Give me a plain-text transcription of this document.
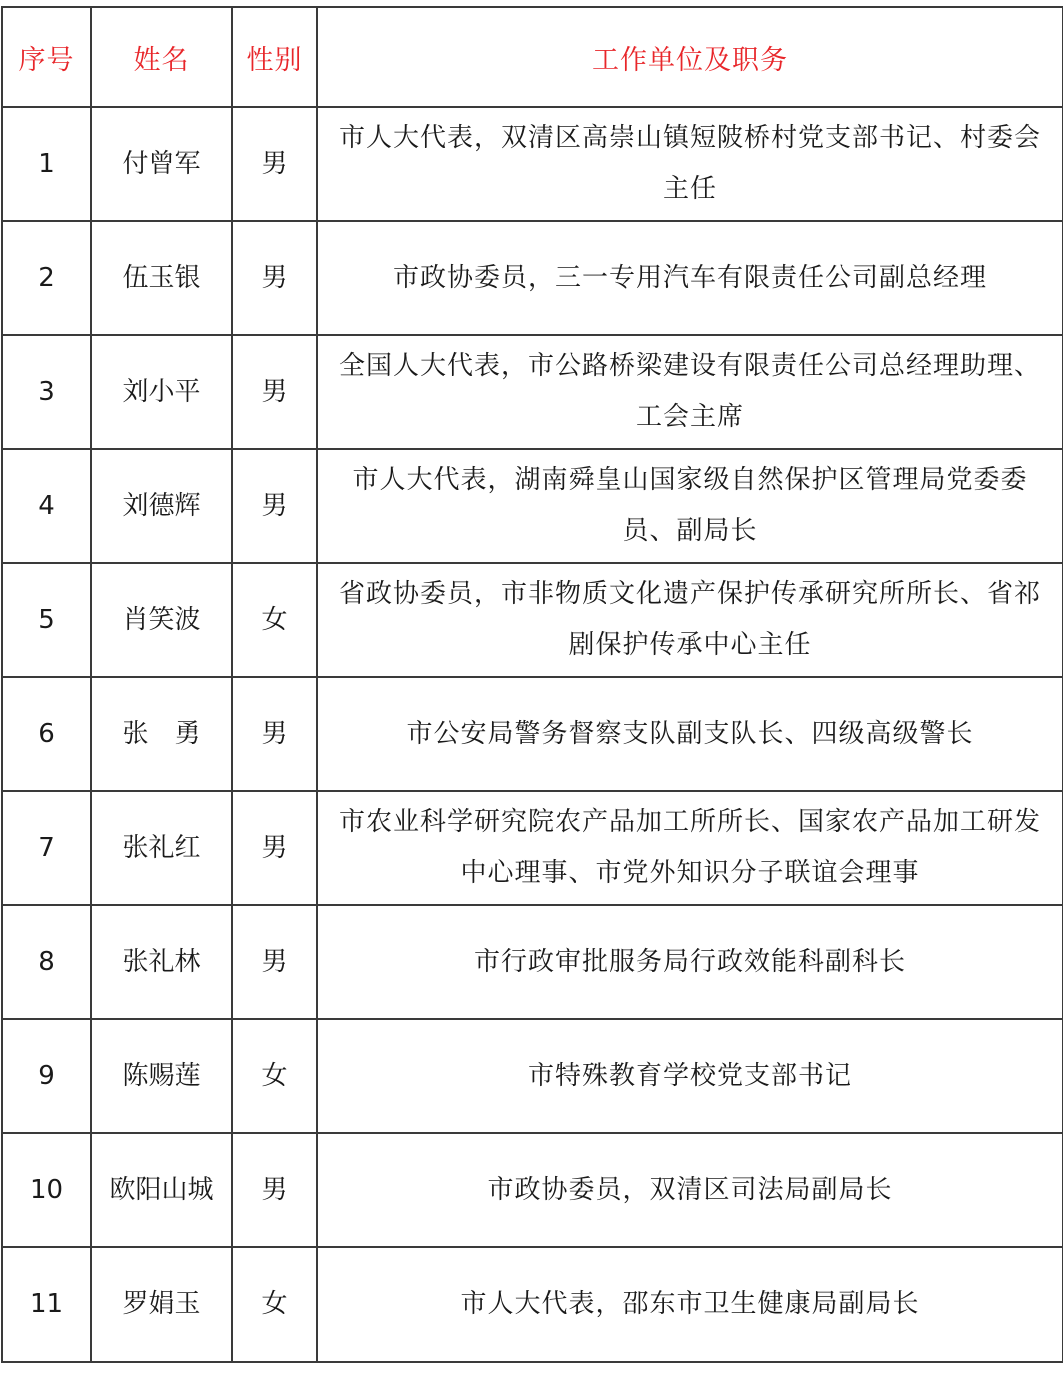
序号	姓名	性别	工作单位及职务
1	付曾军	男	市人大代表，双清区高崇山镇短陂桥村党支部书记、村委会主任
2	伍玉银	男	市政协委员，三一专用汽车有限责任公司副总经理
3	刘小平	男	全国人大代表，市公路桥梁建设有限责任公司总经理助理、工会主席
4	刘德辉	男	市人大代表，湖南舜皇山国家级自然保护区管理局党委委员、副局长
5	肖笑波	女	省政协委员，市非物质文化遗产保护传承研究所所长、省祁剧保护传承中心主任
6	张　勇	男	市公安局警务督察支队副支队长、四级高级警长
7	张礼红	男	市农业科学研究院农产品加工所所长、国家农产品加工研发中心理事、市党外知识分子联谊会理事
8	张礼林	男	市行政审批服务局行政效能科副科长
9	陈赐莲	女	市特殊教育学校党支部书记
10	欧阳山城	男	市政协委员，双清区司法局副局长
11	罗娟玉	女	市人大代表，邵东市卫生健康局副局长
